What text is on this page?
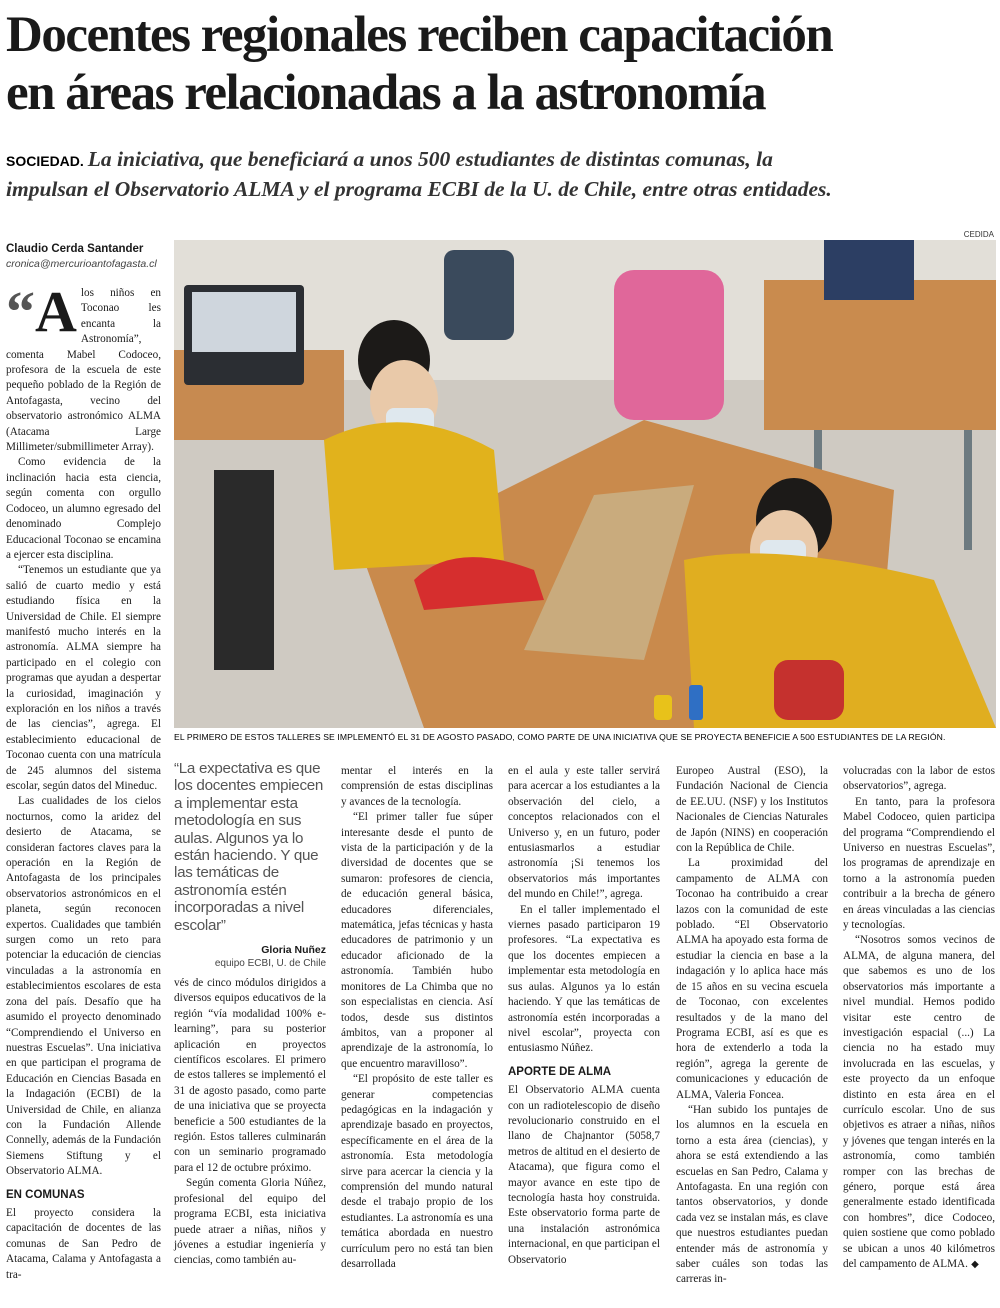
Docentes regionales reciben capacitación
en áreas relacionadas a la astronomía
SOCIEDAD. La iniciativa, que beneficiará a unos 500 estudiantes de distintas comunas, la
impulsan el Observatorio ALMA y el programa ECBI de la U. de Chile, entre otras entidades.
Claudio Cerda Santander
cronica@mercurioantofagasta.cl
CEDIDA
EL PRIMERO DE ESTOS TALLERES SE IMPLEMENTÓ EL 31 DE AGOSTO PASADO, COMO PARTE DE UNA INICIATIVA QUE SE PROYECTA BENEFICIE A 500 ESTUDIANTES DE LA REGIÓN.

“A los niños en Toconao les encanta la Astronomía”, comenta Mabel Codoceo, profesora de la escuela de este pequeño poblado de la Región de Antofagasta, vecino del observatorio astronómico ALMA (Atacama Large Millimeter/submillimeter Array).

Como evidencia de la inclinación hacia esta ciencia, según comenta con orgullo Codoceo, un alumno egresado del denominado Complejo Educacional Toconao se encamina a ejercer esta disciplina.

“Tenemos un estudiante que ya salió de cuarto medio y está estudiando física en la Universidad de Chile. El siempre manifestó mucho interés en la astronomía. ALMA siempre ha participado en el colegio con programas que ayudan a despertar la curiosidad, imaginación y exploración en los niños a través de las ciencias”, agrega. El establecimiento educacional de Toconao cuenta con una matrícula de 245 alumnos del sistema escolar, según datos del Mineduc.

Las cualidades de los cielos nocturnos, como la aridez del desierto de Atacama, se consideran factores claves para la operación en la Región de Antofagasta de los principales observatorios astronómicos en el planeta, según reconocen expertos. Cualidades que también surgen como un reto para potenciar la educación de ciencias vinculadas a la astronomía en establecimientos escolares de esta zona del país. Desafío que ha asumido el proyecto denominado “Comprendiendo el Universo en nuestras Escuelas”. Una iniciativa en que participan el programa de Educación en Ciencias Basada en la Indagación (ECBI) de la Universidad de Chile, en alianza con la Fundación Allende Connelly, además de la Fundación Siemens Stiftung y el Observatorio ALMA.

EN COMUNAS

El proyecto considera la capacitación de docentes de las comunas de San Pedro de Atacama, Calama y Antofagasta a tra-

“La expectativa es que los docentes empiecen a implementar esta metodología en sus aulas. Algunos ya lo están haciendo. Y que las temáticas de astronomía estén incorporadas a nivel escolar”
Gloria Nuñez
equipo ECBI, U. de Chile

vés de cinco módulos dirigidos a diversos equipos educativos de la región “vía modalidad 100% e-learning”, para su posterior aplicación en proyectos científicos escolares. El primero de estos talleres se implementó el 31 de agosto pasado, como parte de una iniciativa que se proyecta beneficie a 500 estudiantes de la región. Estos talleres culminarán con un seminario programado para el 12 de octubre próximo.

Según comenta Gloria Núñez, profesional del equipo del programa ECBI, esta iniciativa puede atraer a niñas, niños y jóvenes a estudiar ingeniería y ciencias, como también au-

mentar el interés en la comprensión de estas disciplinas y avances de la tecnología.

“El primer taller fue súper interesante desde el punto de vista de la participación y de la diversidad de docentes que se sumaron: profesores de ciencia, de educación general básica, educadores diferenciales, matemática, jefas técnicas y hasta educadores de patrimonio y un educador aficionado de la astronomía. También hubo monitores de La Chimba que no son especialistas en ciencia. Así todos, desde sus distintos ámbitos, van a proponer al aprendizaje de la astronomía, lo que encuentro maravilloso”.

“El propósito de este taller es generar competencias pedagógicas en la indagación y aprendizaje basado en proyectos, específicamente en el área de la astronomía. Esta metodología sirve para acercar la ciencia y la comprensión del mundo natural desde el trabajo propio de los estudiantes. La astronomía es una temática abordada en nuestro currículum pero no está tan bien desarrollada

en el aula y este taller servirá para acercar a los estudiantes a la observación del cielo, a conceptos relacionados con el Universo y, en un futuro, poder entusiasmarlos a estudiar astronomía ¡Si tenemos los observatorios más importantes del mundo en Chile!”, agrega.

En el taller implementado el viernes pasado participaron 19 profesores. “La expectativa es que los docentes empiecen a implementar esta metodología en sus aulas. Algunos ya lo están haciendo. Y que las temáticas de astronomía estén incorporadas a nivel escolar”, proyecta con entusiasmo Núñez.

APORTE DE ALMA

El Observatorio ALMA cuenta con un radiotelescopio de diseño revolucionario construido en el llano de Chajnantor (5058,7 metros de altitud en el desierto de Atacama), que figura como el mayor avance en este tipo de tecnología hasta hoy construida. Este observatorio forma parte de una instalación astronómica internacional, en que participan el Observatorio

Europeo Austral (ESO), la Fundación Nacional de Ciencia de EE.UU. (NSF) y los Institutos Nacionales de Ciencias Naturales de Japón (NINS) en cooperación con la República de Chile.

La proximidad del campamento de ALMA con Toconao ha contribuido a crear lazos con la comunidad de este poblado. “El Observatorio ALMA ha apoyado esta forma de estudiar la ciencia en base a la indagación y lo aplica hace más de 15 años en su vecina escuela de Toconao, con excelentes resultados y de la mano del Programa ECBI, así es que es hora de extenderlo a toda la región”, agrega la gerente de comunicaciones y educación de ALMA, Valeria Foncea.

“Han subido los puntajes de los alumnos en la escuela en torno a esta área (ciencias), y ahora se está extendiendo a las escuelas en San Pedro, Calama y Antofagasta. En una región con tantos observatorios, y donde cada vez se instalan más, es clave que nuestros estudiantes puedan entender más de astronomía y saber cuáles son todas las carreras in-

volucradas con la labor de estos observatorios”, agrega.

En tanto, para la profesora Mabel Codoceo, quien participa del programa “Comprendiendo el Universo en nuestras Escuelas”, los programas de aprendizaje en torno a la astronomía pueden contribuir a la brecha de género en áreas vinculadas a las ciencias y tecnologías.

“Nosotros somos vecinos de ALMA, de alguna manera, del que sabemos es uno de los observatorios más importante a nivel mundial. Hemos podido visitar este centro de investigación espacial (...) La ciencia no ha estado muy involucrada en las escuelas, y este proyecto da un enfoque distinto en esta área en el currículo escolar. Uno de sus objetivos es atraer a niñas, niños y jóvenes que tengan interés en la astronomía, como también romper con las brechas de género, porque está área generalmente estado identificada con hombres”, dice Codoceo, quien sostiene que como poblado se ubican a unos 40 kilómetros del campamento de ALMA. ◆
